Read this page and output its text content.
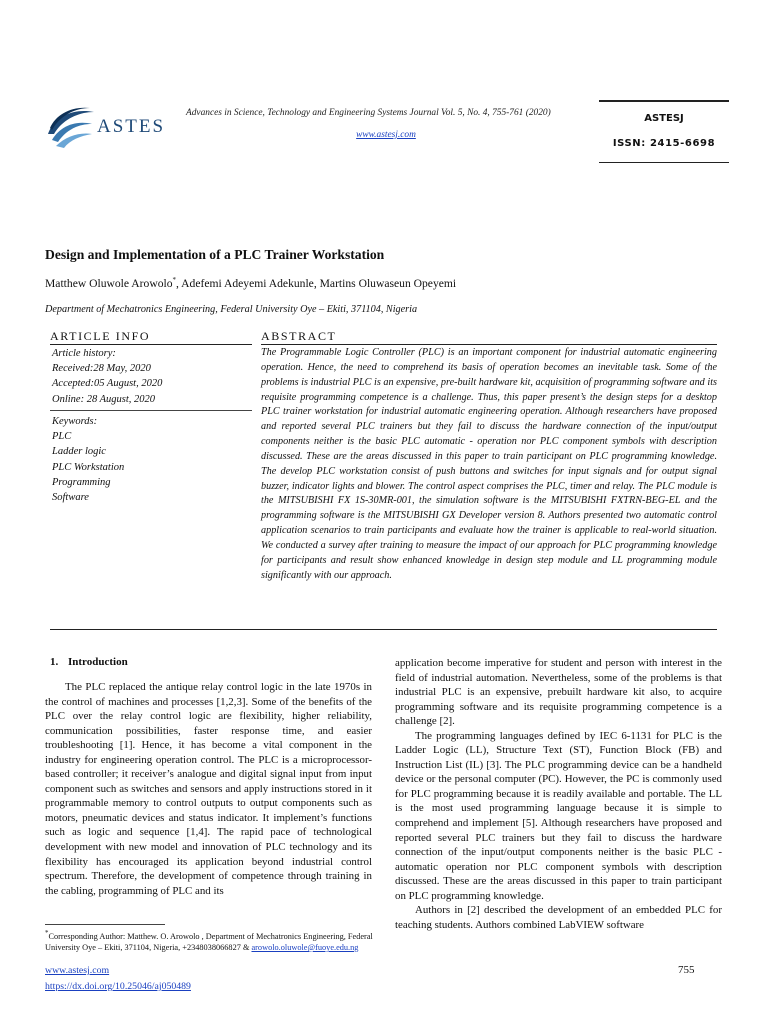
ASTES
Advances in Science, Technology and Engineering Systems Journal Vol. 5, No. 4, 755-761 (2020)
www.astesj.com
ASTESJ
ISSN: 2415-6698
Design and Implementation of a PLC Trainer Workstation
Matthew Oluwole Arowolo*, Adefemi Adeyemi Adekunle, Martins Oluwaseun Opeyemi
Department of Mechatronics Engineering, Federal University Oye – Ekiti, 371104, Nigeria
ARTICLE INFO	ABSTRACT
Article history:
Received:28 May, 2020
Accepted:05 August, 2020
Online: 28 August, 2020
Keywords:
PLC
Ladder logic
PLC Workstation
Programming
Software
The Programmable Logic Controller (PLC) is an important component for industrial automatic engineering operation. Hence, the need to comprehend its basis of operation becomes an inevitable task. Some of the problems is industrial PLC is an expensive, pre-built hardware kit, acquisition of programming software and its requisite programming competence is a challenge. Thus, this paper present’s the design steps for a desktop PLC trainer workstation for industrial automatic engineering operation. Although researchers have proposed and reported several PLC trainers but they fail to discuss the hardware connection of the input/output components neither is the basic PLC automatic - operation nor PLC component symbols with description discussed. These are the areas discussed in this paper to train participant on PLC programming knowledge. The develop PLC workstation consist of push buttons and switches for input signals and for output signal buzzer, indicator lights and blower. The control aspect comprises the PLC, timer and relay. The PLC module is the MITSUBISHI FX 1S-30MR-001, the simulation software is the MITSUBISHI FXTRN-BEG-EL and the programming software is the MITSUBISHI GX Developer version 8. Authors presented two automatic control application scenarios to train participants and evaluate how the trainer is applicable to real-world situation. We conducted a survey after training to measure the impact of our approach for PLC programming knowledge for participants and result show enhanced knowledge in design step module and LL programming module significantly with our approach.
1. Introduction

The PLC replaced the antique relay control logic in the late 1970s in the control of machines and processes [1,2,3]. Some of the benefits of the PLC over the relay control logic are flexibility, higher reliability, communication possibilities, faster response time, and easier troubleshooting [1]. Hence, it has become a vital component in the industry for engineering operation control. The PLC is a microprocessor-based controller; it receiver’s analogue and digital signal input from input component such as switches and sensors and apply instructions stored in it programmable memory to control outputs to output components such as motors, pneumatic devices and status indicator. It implement’s functions such as logic and sequence [1,4]. The rapid pace of technological development with new model and innovation of PLC technology and its flexibility has encouraged its application beyond industrial control spectrum. Therefore, the development of competence through training in the cabling, programming of PLC and its

application become imperative for student and person with interest in the field of industrial automation. Nevertheless, some of the problems is that industrial PLC is an expensive, prebuilt hardware kit also, to acquire programming software and its requisite programming competence is a challenge [2].

The programming languages defined by IEC 6-1131 for PLC is the Ladder Logic (LL), Structure Text (ST), Function Block (FB) and Instruction List (IL) [3]. The PLC programming device can be a handheld device or the personal computer (PC). However, the PC is commonly used for PLC programming because it is readily available and portable. The LL is the most used programming language because it is simple to comprehend and implement [5]. Although researchers have proposed and reported several PLC trainers but they fail to discuss the hardware connection of the input/output components neither is the basic PLC - automatic operation nor PLC component symbols with description discussed. These are the areas discussed in this paper to train participant on PLC programming knowledge.

Authors in [2] described the development of an embedded PLC for teaching students. Authors combined LabVIEW software

*Corresponding Author: Matthew. O. Arowolo , Department of Mechatronics Engineering, Federal University Oye – Ekiti, 371104, Nigeria, +2348038066827 & arowolo.oluwole@fuoye.edu.ng
www.astesj.com
https://dx.doi.org/10.25046/aj050489
755
